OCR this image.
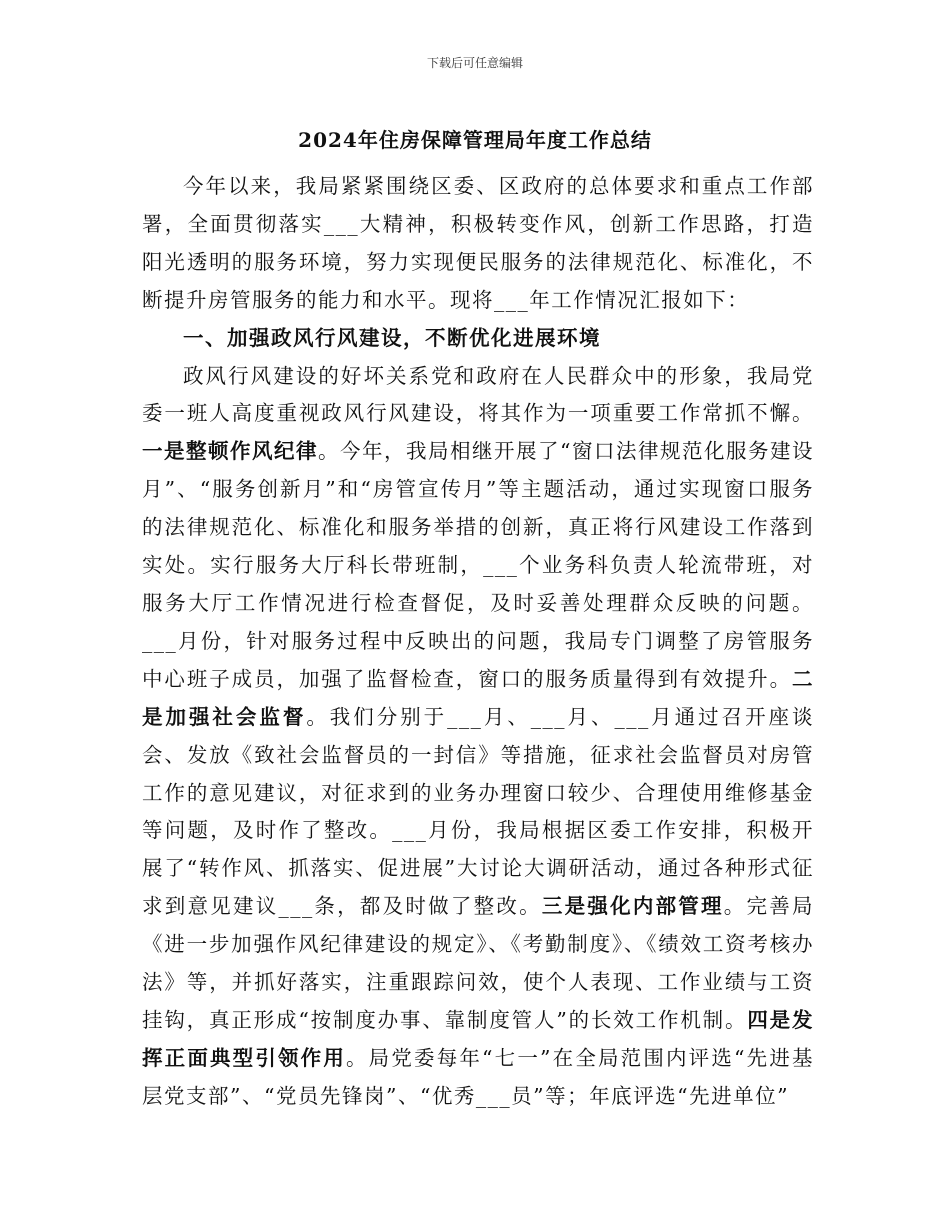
下载后可任意编辑
2024年住房保障管理局年度工作总结

今年以来，我局紧紧围绕区委、区政府的总体要求和重点工作部署，全面贯彻落实___大精神，积极转变作风，创新工作思路，打造阳光透明的服务环境，努力实现便民服务的法律规范化、标准化，不断提升房管服务的能力和水平。现将___年工作情况汇报如下：

一、加强政风行风建设，不断优化进展环境

政风行风建设的好坏关系党和政府在人民群众中的形象，我局党委一班人高度重视政风行风建设，将其作为一项重要工作常抓不懈。一是整顿作风纪律。今年，我局相继开展了“窗口法律规范化服务建设月”、“服务创新月”和“房管宣传月”等主题活动，通过实现窗口服务的法律规范化、标准化和服务举措的创新，真正将行风建设工作落到实处。实行服务大厅科长带班制，___个业务科负责人轮流带班，对服务大厅工作情况进行检查督促，及时妥善处理群众反映的问题。___月份，针对服务过程中反映出的问题，我局专门调整了房管服务中心班子成员，加强了监督检查，窗口的服务质量得到有效提升。二是加强社会监督。我们分别于___月、___月、___月通过召开座谈会、发放《致社会监督员的一封信》等措施，征求社会监督员对房管工作的意见建议，对征求到的业务办理窗口较少、合理使用维修基金等问题，及时作了整改。___月份，我局根据区委工作安排，积极开展了“转作风、抓落实、促进展”大讨论大调研活动，通过各种形式征求到意见建议___条，都及时做了整改。三是强化内部管理。完善局《进一步加强作风纪律建设的规定》、《考勤制度》、《绩效工资考核办法》等，并抓好落实，注重跟踪问效，使个人表现、工作业绩与工资挂钩，真正形成“按制度办事、靠制度管人”的长效工作机制。四是发挥正面典型引领作用。局党委每年“七一”在全局范围内评选“先进基层党支部”、“党员先锋岗”、“优秀___员”等；年底评选“先进单位”
